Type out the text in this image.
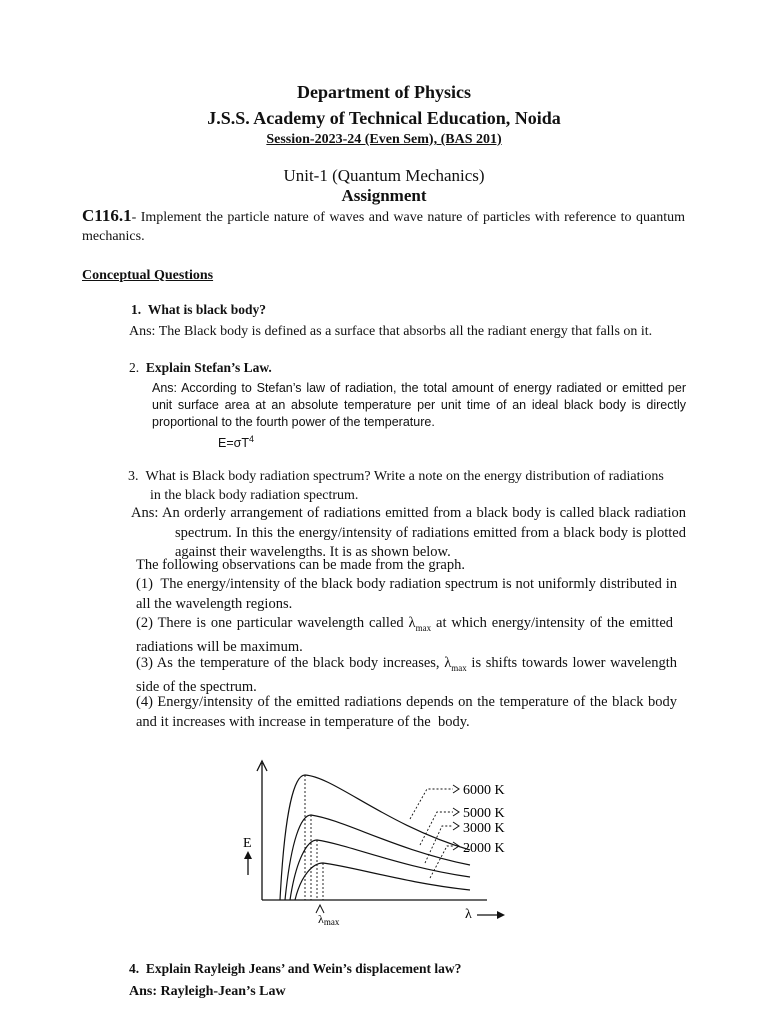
Department of Physics
J.S.S. Academy of Technical Education, Noida
Session-2023-24 (Even Sem), (BAS 201)
Unit-1 (Quantum Mechanics)
Assignment
C116.1- Implement the particle nature of waves and wave nature of particles with reference to quantum mechanics.
Conceptual Questions
1.  What is black body?
Ans: The Black body is defined as a surface that absorbs all the radiant energy that falls on it.
2. Explain Stefan’s Law.
Ans: According to Stefan’s law of radiation, the total amount of energy radiated or emitted per unit surface area at an absolute temperature per unit time of an ideal black body is directly proportional to the fourth power of the temperature.
$E=\sigma T^4$
3.  What is Black body radiation spectrum? Write a note on the energy distribution of radiations in the black body radiation spectrum.
Ans: An orderly arrangement of radiations emitted from a black body is called black radiation spectrum. In this the energy/intensity of radiations emitted from a black body is plotted against their wavelengths. It is as shown below.
The following observations can be made from the graph.
(1)  The energy/intensity of the black body radiation spectrum is not uniformly distributed in all the wavelength regions.
(2) There is one particular wavelength called $\lambda_{max}$ at which energy/intensity of the emitted radiations will be maximum.
(3) As the temperature of the black body increases, $\lambda_{max}$ is shifts towards lower wavelength side of the spectrum.
(4) Energy/intensity of the emitted radiations depends on the temperature of the black body and it increases with increase in temperature of the  body.
E
λ
λmax
6000 K
5000 K
3000 K
2000 K
4.  Explain Rayleigh Jeans’ and Wein’s displacement law?
Ans: Rayleigh-Jean’s Law
